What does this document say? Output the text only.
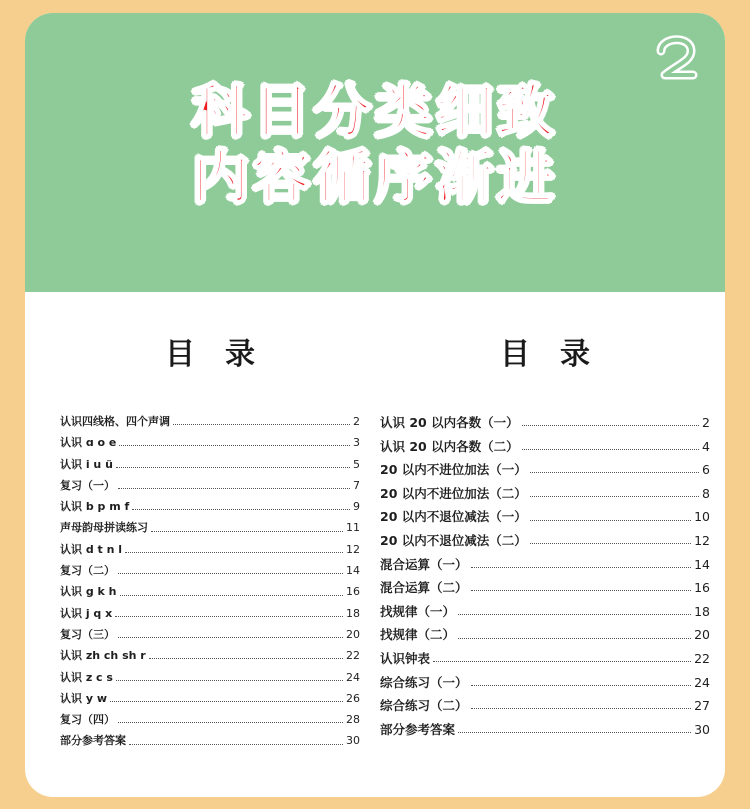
2
科目分类细致
内容循序渐进
目录
认识四线格、四个声调	2
认识 ɑ o e	3
认识 i u ü	5
复习（一）	7
认识 b p m f	9
声母韵母拼读练习	11
认识 d t n l	12
复习（二）	14
认识 g k h	16
认识 j q x	18
复习（三）	20
认识 zh ch sh r	22
认识 z c s	24
认识 y w	26
复习（四）	28
部分参考答案	30
目录
认识 20 以内各数（一）	2
认识 20 以内各数（二）	4
20 以内不进位加法（一）	6
20 以内不进位加法（二）	8
20 以内不退位减法（一）	10
20 以内不退位减法（二）	12
混合运算（一）	14
混合运算（二）	16
找规律（一）	18
找规律（二）	20
认识钟表	22
综合练习（一）	24
综合练习（二）	27
部分参考答案	30
